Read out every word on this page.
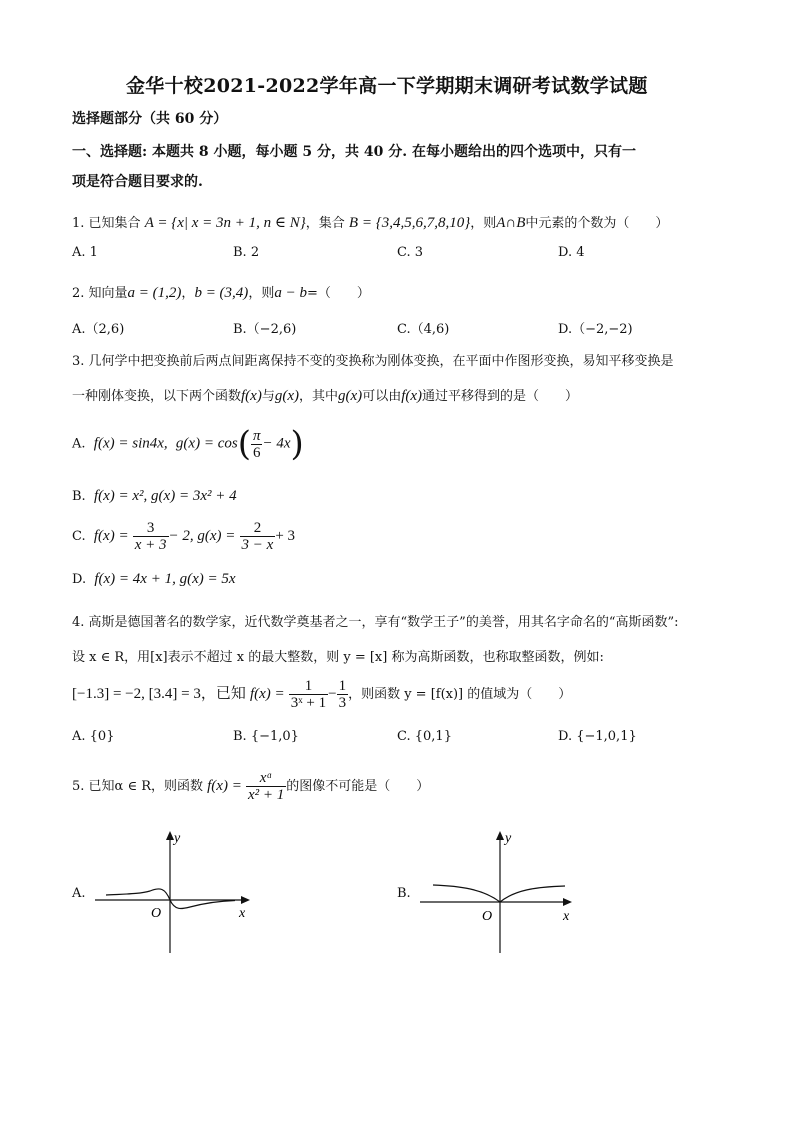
金华十校2021-2022学年高一下学期期末调研考试数学试题
选择题部分（共 60 分）
一、选择题: 本题共 8 小题，每小题 5 分，共 40 分. 在每小题给出的四个选项中，只有一
项是符合题目要求的.
1. 已知集合 A = {x| x = 3n + 1, n ∈ N}，集合 B = {3,4,5,6,7,8,10}，则A∩B中元素的个数为（　　）
A. 1	B. 2	C. 3	D. 4
2. 知向量a = (1,2)，b = (3,4)，则a − b=（　　）
A.（2,6)	B.（−2,6)	C.（4,6)	D.（−2,−2)
3. 几何学中把变换前后两点间距离保持不变的变换称为刚体变换，在平面中作图形变换，易知平移变换是
一种刚体变换，以下两个函数f(x)与g(x)，其中g(x)可以由f(x)通过平移得到的是（　　）
A. f(x) = sin4x, $g(x) = \cos( \frac{\pi}{6} - 4x)$
B. f(x) = x², g(x) = 3x² + 4
C. $f(x) = \frac{3}{x + 3} - 2$, $g(x) = \frac{2}{3 - x} + 3$
D. f(x) = 4x + 1, g(x) = 5x
4. 高斯是德国著名的数学家，近代数学奠基者之一，享有“数学王子”的美誉，用其名字命名的“高斯函数”:
设 x ∈ R，用[x]表示不超过 x 的最大整数，则 y = [x] 称为高斯函数，也称取整函数，例如:
[−1.3] = −2, [3.4] = 3，已知 $f(x) = \frac{1}{\text{3ˣ + 1}} - \frac{1}{3}$ ，则函数 y = [f(x)] 的值域为（　　）
A. {0}	B. {−1,0}	C. {0,1}	D. {−1,0,1}
5. 已知α ∈ R，则函数 $f(x) = \frac{\text{xᵅ}}{\text{x² + 1}}$ 的图像不可能是（　　）
A.	B.
y
x
O
y
x
O
